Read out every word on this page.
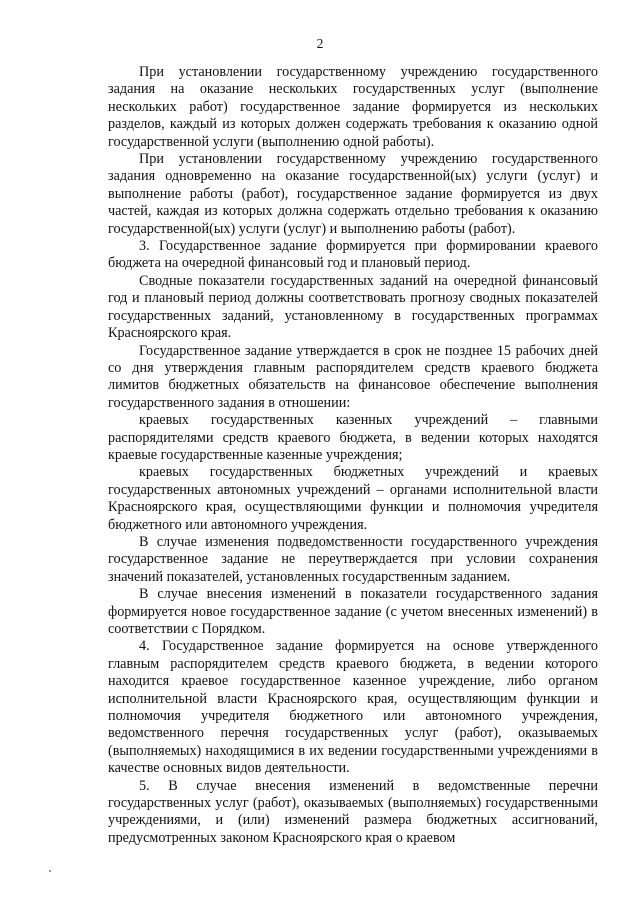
2

При установлении государственному учреждению государственного задания на оказание нескольких государственных услуг (выполнение нескольких работ) государственное задание формируется из нескольких разделов, каждый из которых должен содержать требования к оказанию одной государственной услуги (выполнению одной работы).

При установлении государственному учреждению государственного задания одновременно на оказание государственной(ых) услуги (услуг) и выполнение работы (работ), государственное задание формируется из двух частей, каждая из которых должна содержать отдельно требования к оказанию государственной(ых) услуги (услуг) и выполнению работы (работ).

3. Государственное задание формируется при формировании краевого бюджета на очередной финансовый год и плановый период.

Сводные показатели государственных заданий на очередной финансовый год и плановый период должны соответствовать прогнозу сводных показателей государственных заданий, установленному в государственных программах Красноярского края.

Государственное задание утверждается в срок не позднее 15 рабочих дней со дня утверждения главным распорядителем средств краевого бюджета лимитов бюджетных обязательств на финансовое обеспечение выполнения государственного задания в отношении:

краевых государственных казенных учреждений – главными распорядителями средств краевого бюджета, в ведении которых находятся краевые государственные казенные учреждения;

краевых государственных бюджетных учреждений и краевых государственных автономных учреждений – органами исполнительной власти Красноярского края, осуществляющими функции и полномочия учредителя бюджетного или автономного учреждения.

В случае изменения подведомственности государственного учреждения государственное задание не переутверждается при условии сохранения значений показателей, установленных государственным заданием.

В случае внесения изменений в показатели государственного задания формируется новое государственное задание (с учетом внесенных изменений) в соответствии с Порядком.

4. Государственное задание формируется на основе утвержденного главным распорядителем средств краевого бюджета, в ведении которого находится краевое государственное казенное учреждение, либо органом исполнительной власти Красноярского края, осуществляющим функции и полномочия учредителя бюджетного или автономного учреждения, ведомственного перечня государственных услуг (работ), оказываемых (выполняемых) находящимися в их ведении государственными учреждениями в качестве основных видов деятельности.

5. В случае внесения изменений в ведомственные перечни государственных услуг (работ), оказываемых (выполняемых) государственными учреждениями, и (или) изменений размера бюджетных ассигнований, предусмотренных законом Красноярского края о краевом
